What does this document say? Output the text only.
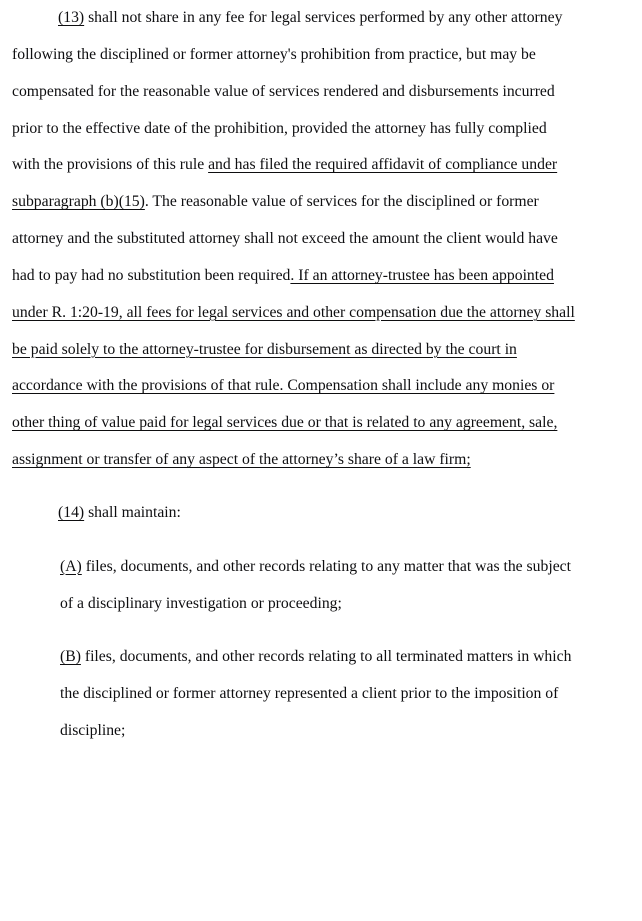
(13) shall not share in any fee for legal services performed by any other attorney
following the disciplined or former attorney's prohibition from practice, but may be
compensated for the reasonable value of services rendered and disbursements incurred
prior to the effective date of the prohibition, provided the attorney has fully complied
with the provisions of this rule and has filed the required affidavit of compliance under
subparagraph (b)(15). The reasonable value of services for the disciplined or former
attorney and the substituted attorney shall not exceed the amount the client would have
had to pay had no substitution been required. If an attorney-trustee has been appointed
under R. 1:20-19, all fees for legal services and other compensation due the attorney shall
be paid solely to the attorney-trustee for disbursement as directed by the court in
accordance with the provisions of that rule. Compensation shall include any monies or
other thing of value paid for legal services due or that is related to any agreement, sale,
assignment or transfer of any aspect of the attorney’s share of a law firm;
(14) shall maintain:
(A) files, documents, and other records relating to any matter that was the subject
of a disciplinary investigation or proceeding;
(B) files, documents, and other records relating to all terminated matters in which
the disciplined or former attorney represented a client prior to the imposition of
discipline;
